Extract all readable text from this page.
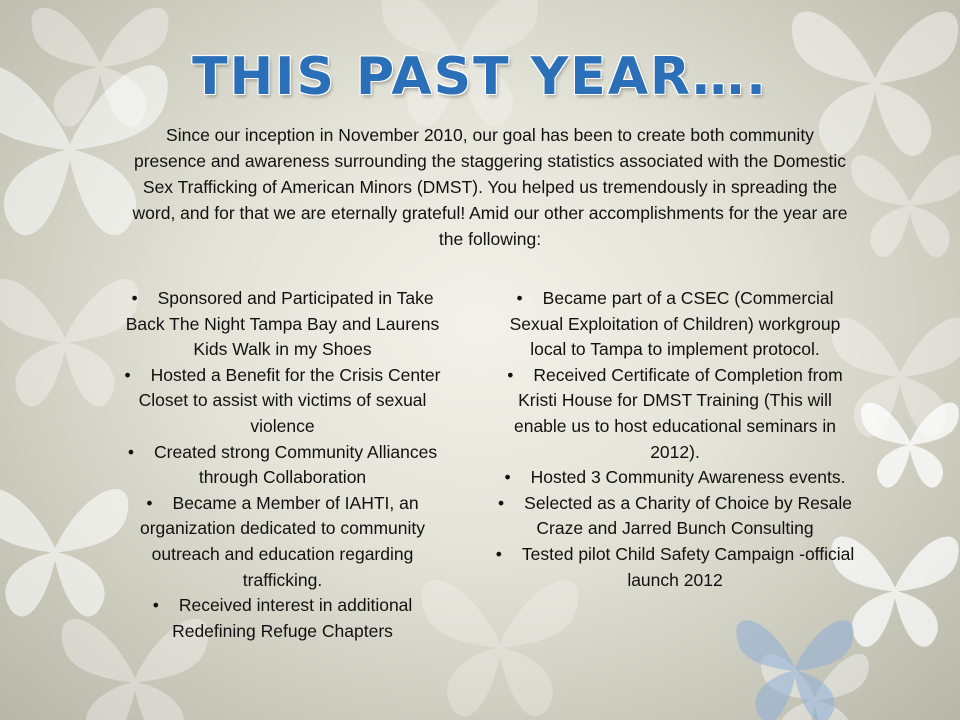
THIS PAST YEAR….

Since our inception in November 2010, our goal has been to create both community presence and awareness surrounding the staggering statistics associated with the Domestic Sex Trafficking of American Minors (DMST). You helped us tremendously in spreading the word, and for that we are eternally grateful! Amid our other accomplishments for the year are the following:

• Sponsored and Participated in Take Back The Night Tampa Bay and Laurens Kids Walk in my Shoes
• Hosted a Benefit for the Crisis Center Closet to assist with victims of sexual violence
• Created strong Community Alliances through Collaboration
• Became a Member of IAHTI, an organization dedicated to community outreach and education regarding trafficking.
• Received interest in additional Redefining Refuge Chapters
• Became part of a CSEC (Commercial Sexual Exploitation of Children) workgroup local to Tampa to implement protocol.
• Received Certificate of Completion from Kristi House for DMST Training (This will enable us to host educational seminars in 2012).
• Hosted 3 Community Awareness events.
• Selected as a Charity of Choice by Resale Craze and Jarred Bunch Consulting
• Tested pilot Child Safety Campaign -official launch 2012
